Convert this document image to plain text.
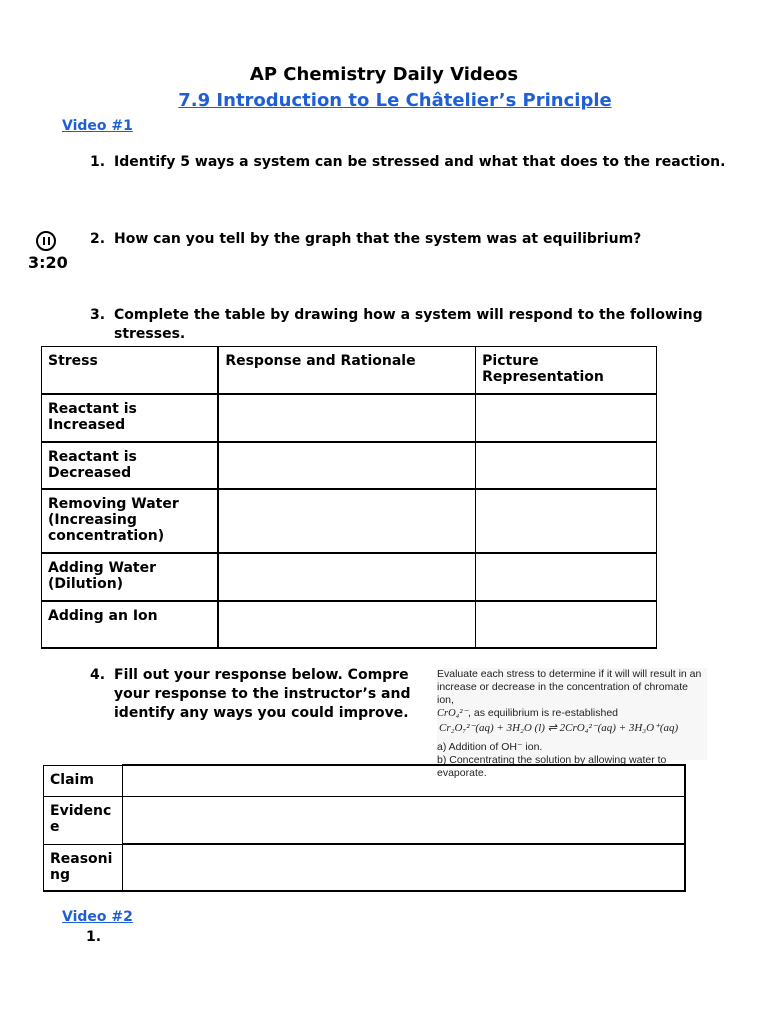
AP Chemistry Daily Videos
7.9 Introduction to Le Châtelier’s Principle
Video #1
1. Identify 5 ways a system can be stressed and what that does to the reaction.
3:20
2. How can you tell by the graph that the system was at equilibrium?
3. Complete the table by drawing how a system will respond to the following stresses.
Stress	Response and Rationale	Picture Representation
Reactant is Increased		
Reactant is Decreased		
Removing Water (Increasing concentration)		
Adding Water (Dilution)		
Adding an Ion		
4. Fill out your response below. Compre your response to the instructor’s and identify any ways you could improve.
Evaluate each stress to determine if it will will result in an
increase or decrease in the concentration of chromate ion,
CrO₄²⁻, as equilibrium is re-established
Cr₂O₇²⁻(aq) + 3H₂O (l) ⇌ 2CrO₄²⁻(aq) + 3H₃O⁺(aq)
a) Addition of OH⁻ ion.
b) Concentrating the solution by allowing water to evaporate.
Claim	
Evidenc e	
Reasoni ng	
Video #2
1.
